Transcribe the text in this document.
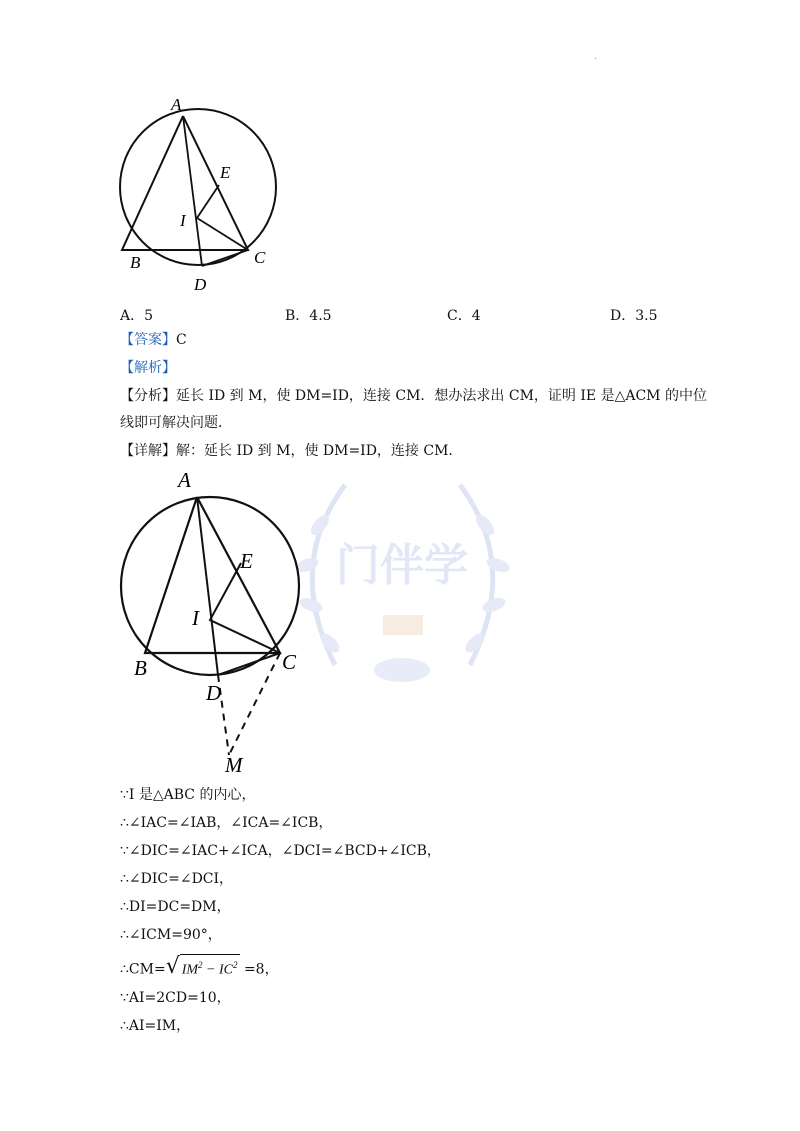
·
A
B	C
D
E
I
A．5	B．4.5	C．4	D．3.5
【答案】C
【解析】
【分析】延长 ID 到 M，使 DM=ID，连接 CM．想办法求出 CM，证明 IE 是△ACM 的中位
线即可解决问题．
【详解】解：延长 ID 到 M，使 DM=ID，连接 CM．
门伴学
A
B	C
D
E
I
M
∵I 是△ABC 的内心，
∴∠IAC=∠IAB，∠ICA=∠ICB，
∵∠DIC=∠IAC+∠ICA，∠DCI=∠BCD+∠ICB，
∴∠DIC=∠DCI，
∴DI=DC=DM，
∴∠ICM=90°，
∴CM= √ $IM^2 - IC^2 =8$，
∵AI=2CD=10，
∴AI=IM，
